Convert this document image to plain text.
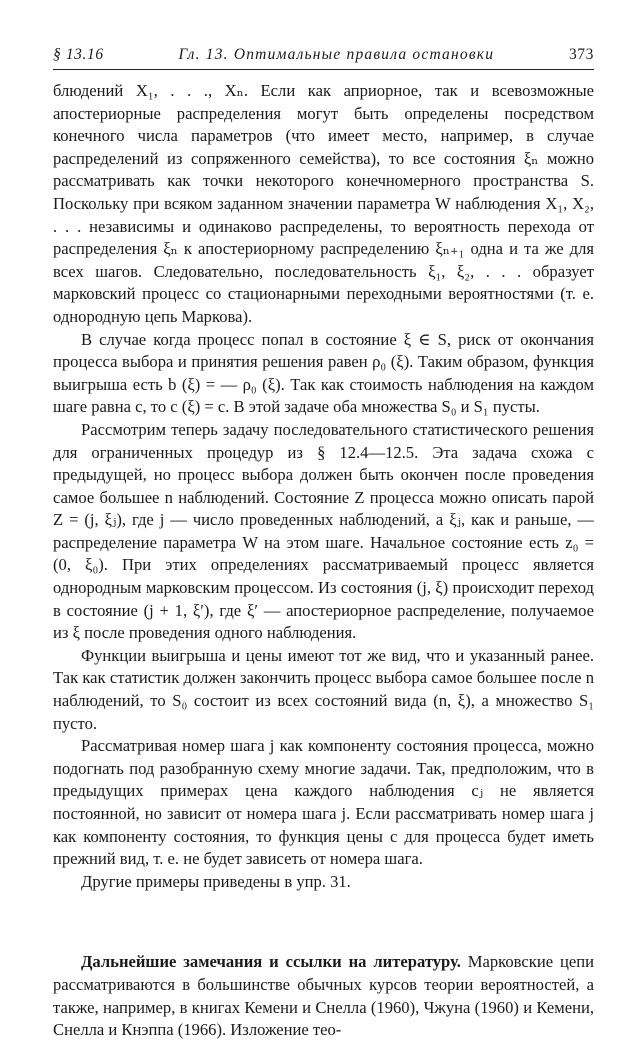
§ 13.16	Гл. 13. Оптимальные правила остановки	373

блюдений X₁, . . ., Xₙ. Если как априорное, так и всевозможные апостериорные распределения могут быть определены посредством конечного числа параметров (что имеет место, например, в случае распределений из сопряженного семейства), то все состояния ξₙ можно рассматривать как точки некоторого конечномерного пространства S. Поскольку при всяком заданном значении параметра W наблюдения X₁, X₂, . . . независимы и одинаково распределены, то вероятность перехода от распределения ξₙ к апостериорному распределению ξₙ₊₁ одна и та же для всех шагов. Следовательно, последовательность ξ₁, ξ₂, . . . образует марковский процесс со стационарными переходными вероятностями (т. е. однородную цепь Маркова).

В случае когда процесс попал в состояние ξ ∈ S, риск от окончания процесса выбора и принятия решения равен ρ₀ (ξ). Таким образом, функция выигрыша есть b (ξ) = — ρ₀ (ξ). Так как стоимость наблюдения на каждом шаге равна c, то c (ξ) = c. В этой задаче оба множества S₀ и S₁ пусты.

Рассмотрим теперь задачу последовательного статистического решения для ограниченных процедур из § 12.4—12.5. Эта задача схожа с предыдущей, но процесс выбора должен быть окончен после проведения самое большее n наблюдений. Состояние Z процесса можно описать парой Z = (j, ξⱼ), где j — число проведенных наблюдений, а ξⱼ, как и раньше, — распределение параметра W на этом шаге. Начальное состояние есть z₀ = (0, ξ₀). При этих определениях рассматриваемый процесс является однородным марковским процессом. Из состояния (j, ξ) происходит переход в состояние (j + 1, ξ′), где ξ′ — апостериорное распределение, получаемое из ξ после проведения одного наблюдения.

Функции выигрыша и цены имеют тот же вид, что и указанный ранее. Так как статистик должен закончить процесс выбора самое большее после n наблюдений, то S₀ состоит из всех состояний вида (n, ξ), а множество S₁ пусто.

Рассматривая номер шага j как компоненту состояния процесса, можно подогнать под разобранную схему многие задачи. Так, предположим, что в предыдущих примерах цена каждого наблюдения cⱼ не является постоянной, но зависит от номера шага j. Если рассматривать номер шага j как компоненту состояния, то функция цены c для процесса будет иметь прежний вид, т. е. не будет зависеть от номера шага.

Другие примеры приведены в упр. 31.

Дальнейшие замечания и ссылки на литературу. Марковские цепи рассматриваются в большинстве обычных курсов теории вероятностей, а также, например, в книгах Кемени и Снелла (1960), Чжуна (1960) и Кемени, Снелла и Кнэппа (1966). Изложение тео-
